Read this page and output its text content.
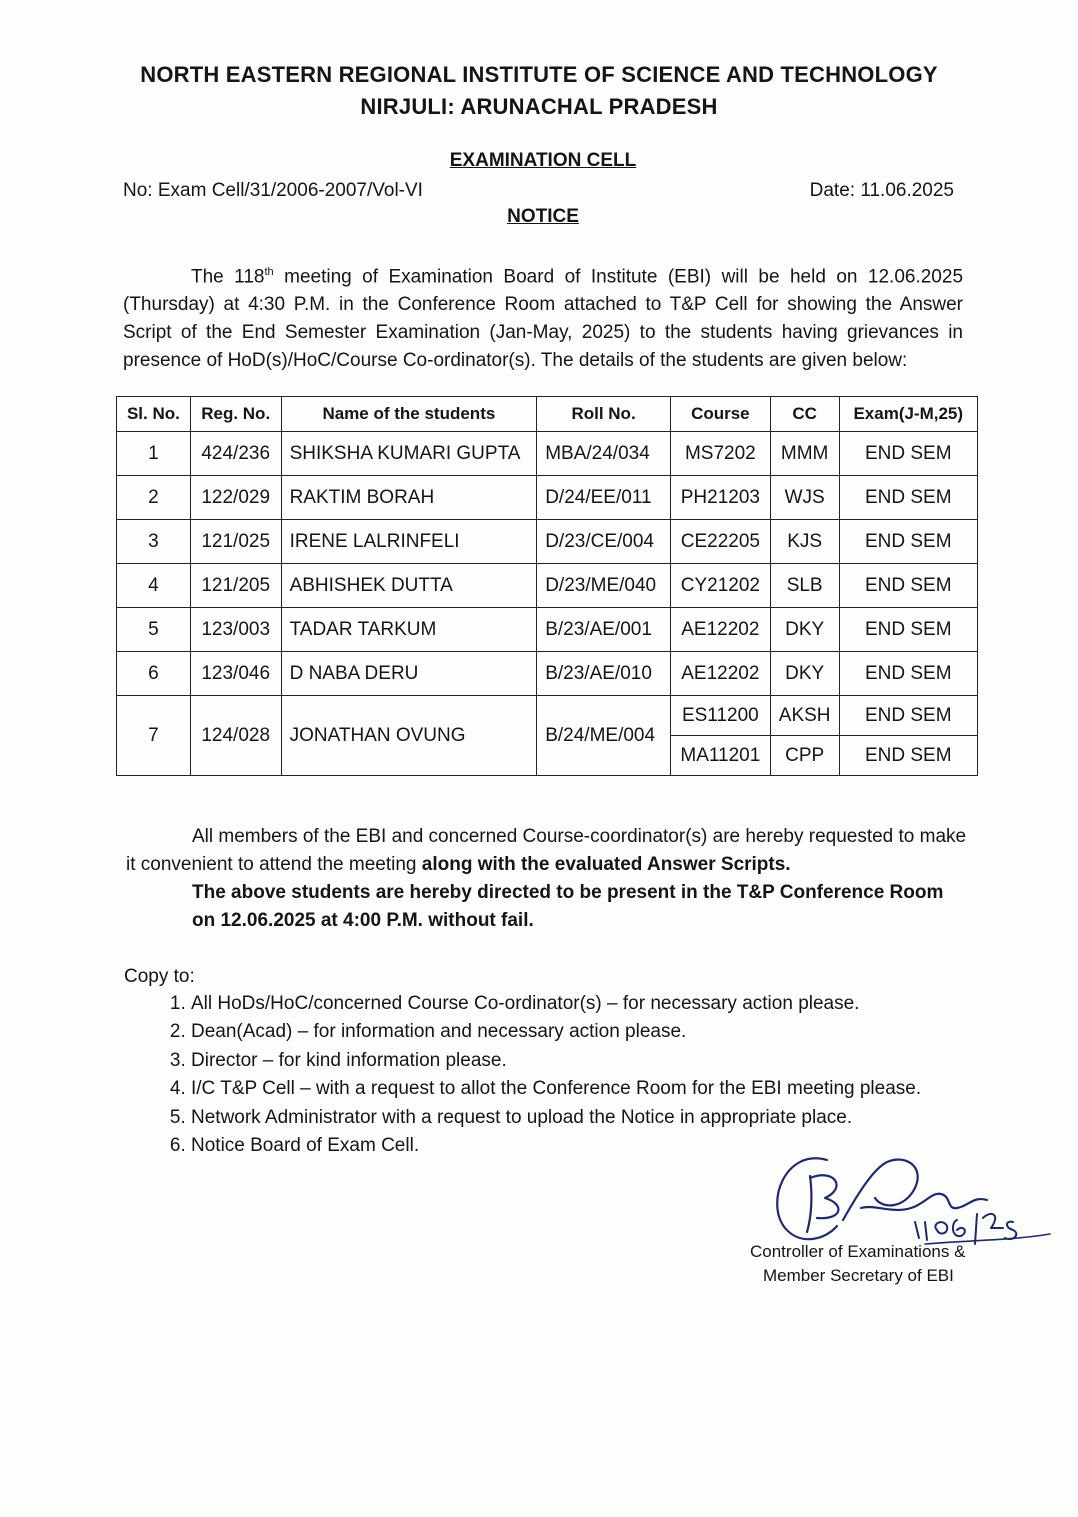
NORTH EASTERN REGIONAL INSTITUTE OF SCIENCE AND TECHNOLOGY
NIRJULI: ARUNACHAL PRADESH
EXAMINATION CELL
No: Exam Cell/31/2006-2007/Vol-VI	Date: 11.06.2025
NOTICE

The 118th meeting of Examination Board of Institute (EBI) will be held on 12.06.2025 (Thursday) at 4:30 P.M. in the Conference Room attached to T&P Cell for showing the Answer Script of the End Semester Examination (Jan-May, 2025) to the students having grievances in presence of HoD(s)/HoC/Course Co-ordinator(s). The details of the students are given below:

Sl. No.	Reg. No.	Name of the students	Roll No.	Course	CC	Exam(J-M,25)
1	424/236	SHIKSHA KUMARI GUPTA	MBA/24/034	MS7202	MMM	END SEM
2	122/029	RAKTIM BORAH	D/24/EE/011	PH21203	WJS	END SEM
3	121/025	IRENE LALRINFELI	D/23/CE/004	CE22205	KJS	END SEM
4	121/205	ABHISHEK DUTTA	D/23/ME/040	CY21202	SLB	END SEM
5	123/003	TADAR TARKUM	B/23/AE/001	AE12202	DKY	END SEM
6	123/046	D NABA DERU	B/23/AE/010	AE12202	DKY	END SEM
7	124/028	JONATHAN OVUNG	B/24/ME/004	ES11200	AKSH	END SEM
				MA11201	CPP	END SEM

All members of the EBI and concerned Course-coordinator(s) are hereby requested to make it convenient to attend the meeting along with the evaluated Answer Scripts.

The above students are hereby directed to be present in the T&P Conference Room on 12.06.2025 at 4:00 P.M. without fail.

Copy to:
1. All HoDs/HoC/concerned Course Co-ordinator(s) – for necessary action please.
2. Dean(Acad) – for information and necessary action please.
3. Director – for kind information please.
4. I/C T&P Cell – with a request to allot the Conference Room for the EBI meeting please.
5. Network Administrator with a request to upload the Notice in appropriate place.
6. Notice Board of Exam Cell.
Controller of Examinations &
Member Secretary of EBI
